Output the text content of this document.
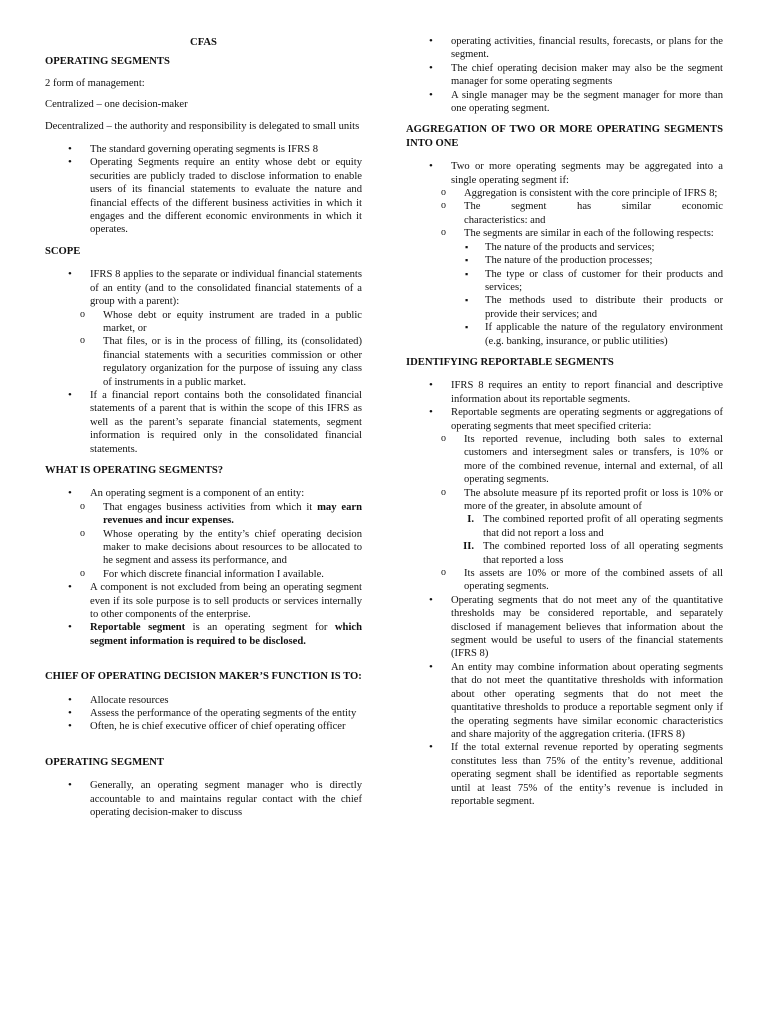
CFAS
OPERATING SEGMENTS

2 form of management:

Centralized – one decision-maker

Decentralized – the authority and responsibility is delegated to small units

• The standard governing operating segments is IFRS 8
• Operating Segments require an entity whose debt or equity securities are publicly traded to disclose information to enable users of its financial statements to evaluate the nature and financial effects of the different business activities in which it engages and the different economic environments in which it operates.
SCOPE
• IFRS 8 applies to the separate or individual financial statements of an entity (and to the consolidated financial statements of a group with a parent):
o Whose debt or equity instrument are traded in a public market, or
o That files, or is in the process of filling, its (consolidated) financial statements with a securities commission or other regulatory organization for the purpose of issuing any class of instruments in a public market.
• If a financial report contains both the consolidated financial statements of a parent that is within the scope of this IFRS as well as the parent’s separate financial statements, segment information is required only in the consolidated financial statements.
WHAT IS OPERATING SEGMENTS?
• An operating segment is a component of an entity:
o That engages business activities from which it may earn revenues and incur expenses.
o Whose operating by the entity’s chief operating decision maker to make decisions about resources to be allocated to he segment and assess its performance, and
o For which discrete financial information I available.
• A component is not excluded from being an operating segment even if its sole purpose is to sell products or services internally to other components of the enterprise.
• Reportable segment is an operating segment for which segment information is required to be disclosed.
CHIEF OF OPERATING DECISION MAKER’S FUNCTION IS TO:
• Allocate resources
• Assess the performance of the operating segments of the entity
• Often, he is chief executive officer of chief operating officer
OPERATING SEGMENT
• Generally, an operating segment manager who is directly accountable to and maintains regular contact with the chief operating decision-maker to discuss
• operating activities, financial results, forecasts, or plans for the segment.
• The chief operating decision maker may also be the segment manager for some operating segments
• A single manager may be the segment manager for more than one operating segment.
AGGREGATION OF TWO OR MORE OPERATING SEGMENTS INTO ONE
• Two or more operating segments may be aggregated into a single operating segment if:
o Aggregation is consistent with the core principle of IFRS 8;
o The      segment      has      similar      economic characteristics: and
o The segments are similar in each of the following respects:
▪ The nature of the products and services;
▪ The nature of the production processes;
▪ The type or class of customer for their products and services;
▪ The methods used to distribute their products or provide their services; and
▪ If applicable the nature of the regulatory environment (e.g. banking, insurance, or public utilities)
IDENTIFYING REPORTABLE SEGMENTS
• IFRS 8 requires an entity to report financial and descriptive information about its reportable segments.
• Reportable segments are operating segments or aggregations of operating segments that meet specified criteria:
o Its reported revenue, including both sales to external customers and intersegment sales or transfers, is 10% or more of the combined revenue, internal and external, of all operating segments.
o The absolute measure pf its reported profit or loss is 10% or more of the greater, in absolute amount of
I. The combined reported profit of all operating segments that did not report a loss and
II. The combined reported loss of all operating segments that reported a loss
o Its assets are 10% or more of the combined assets of all operating segments.
• Operating segments that do not meet any of the quantitative thresholds may be considered reportable, and separately disclosed if management believes that information about the segment would be useful to users of the financial statements (IFRS 8)
• An entity may combine information about operating segments that do not meet the quantitative thresholds with information about other operating segments that do not meet the quantitative thresholds to produce a reportable segment only if the operating segments have similar economic characteristics and share majority of the aggregation criteria. (IFRS 8)
• If the total external revenue reported by operating segments constitutes less than 75% of the entity’s revenue, additional operating segment shall be identified as reportable segments until at least 75% of the entity’s revenue is included in reportable segment.
